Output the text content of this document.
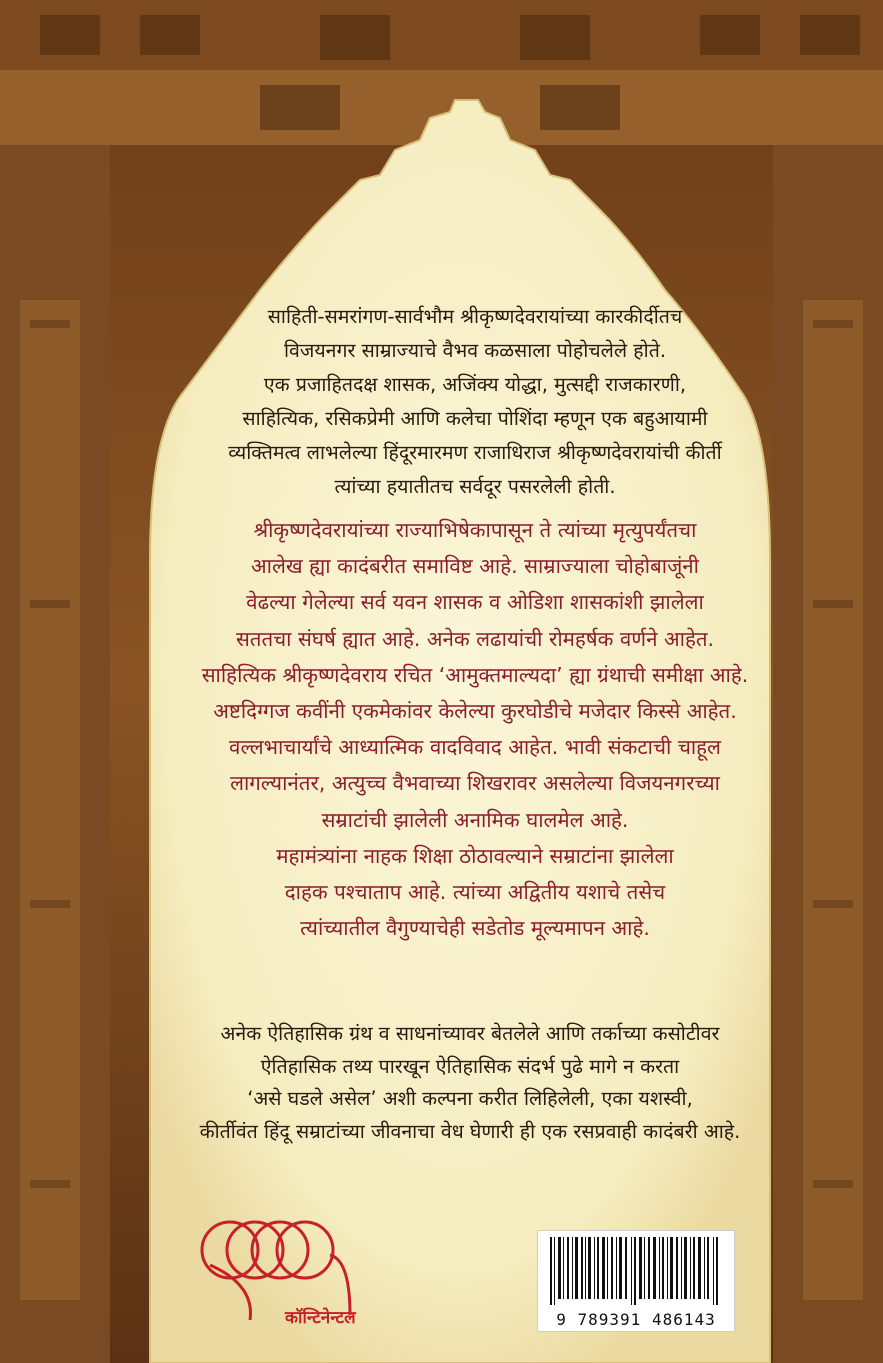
साहिती-समरांगण-सार्वभौम श्रीकृष्णदेवरायांच्या कारकीर्दीतच
विजयनगर साम्राज्याचे वैभव कळसाला पोहोचलेले होते.
एक प्रजाहितदक्ष शासक, अजिंक्य योद्धा, मुत्सद्दी राजकारणी,
साहित्यिक, रसिकप्रेमी आणि कलेचा पोशिंदा म्हणून एक बहुआयामी
व्यक्तिमत्व लाभलेल्या हिंदूरमारमण राजाधिराज श्रीकृष्णदेवरायांची कीर्ती
त्यांच्या हयातीतच सर्वदूर पसरलेली होती.
श्रीकृष्णदेवरायांच्या राज्याभिषेकापासून ते त्यांच्या मृत्युपर्यंतचा
आलेख ह्या कादंबरीत समाविष्ट आहे. साम्राज्याला चोहोबाजूंनी
वेढल्या गेलेल्या सर्व यवन शासक व ओडिशा शासकांशी झालेला
सततचा संघर्ष ह्यात आहे. अनेक लढायांची रोमहर्षक वर्णने आहेत.
साहित्यिक श्रीकृष्णदेवराय रचित ‘आमुक्तमाल्यदा’ ह्या ग्रंथाची समीक्षा आहे.
अष्टदिग्गज कवींनी एकमेकांवर केलेल्या कुरघोडीचे मजेदार किस्से आहेत.
वल्लभाचार्यांचे आध्यात्मिक वादविवाद आहेत. भावी संकटाची चाहूल
लागल्यानंतर, अत्युच्च वैभवाच्या शिखरावर असलेल्या विजयनगरच्या
सम्राटांची झालेली अनामिक घालमेल आहे.
महामंत्र्यांना नाहक शिक्षा ठोठावल्याने सम्राटांना झालेला
दाहक पश्चाताप आहे. त्यांच्या अद्वितीय यशाचे तसेच
त्यांच्यातील वैगुण्याचेही सडेतोड मूल्यमापन आहे.
अनेक ऐतिहासिक ग्रंथ व साधनांच्यावर बेतलेले आणि तर्काच्या कसोटीवर
ऐतिहासिक तथ्य पारखून ऐतिहासिक संदर्भ पुढे मागे न करता
‘असे घडले असेल’ अशी कल्पना करीत लिहिलेली, एका यशस्वी,
कीर्तीवंत हिंदू सम्राटांच्या जीवनाचा वेध घेणारी ही एक रसप्रवाही कादंबरी आहे.
कॉन्टिनेन्टल	9 789391 486143
